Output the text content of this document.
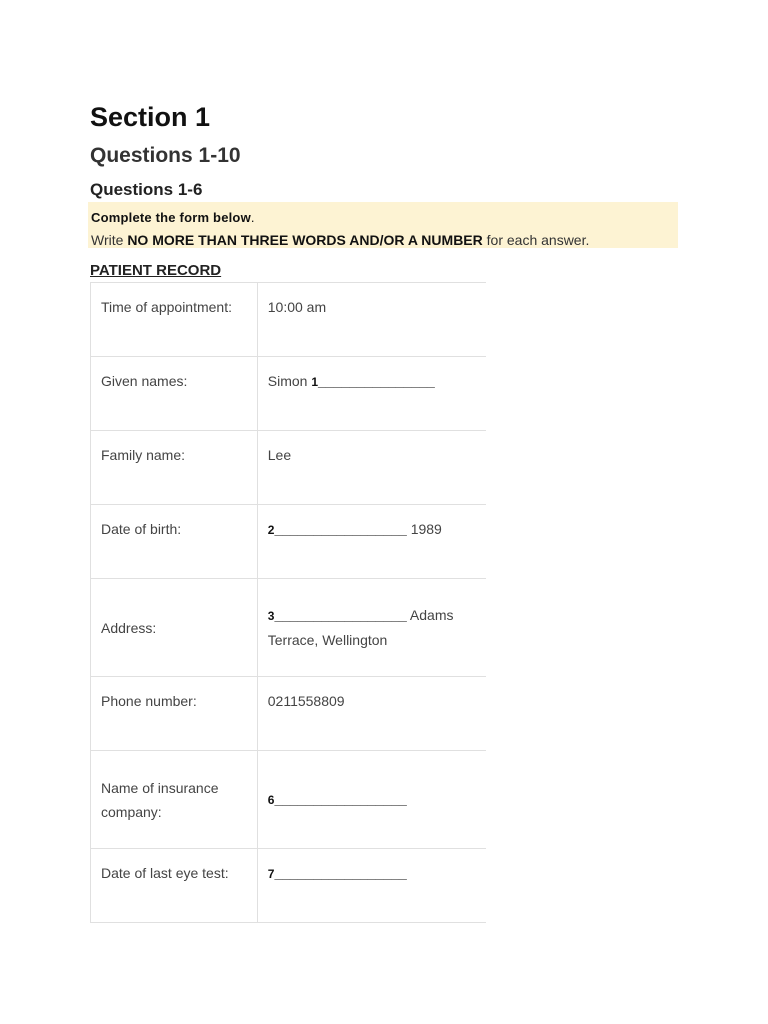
Section 1
Questions 1-10
Questions 1-6
Complete the form below.
Write NO MORE THAN THREE WORDS AND/OR A NUMBER for each answer.
PATIENT RECORD
Time of appointment:	10:00 am
Given names:	Simon 1_______________
Family name:	Lee
Date of birth:	2_________________ 1989
Address:	3_________________ Adams Terrace, Wellington
Phone number:	0211558809
Name of insurance company:	6_________________
Date of last eye test:	7_________________
